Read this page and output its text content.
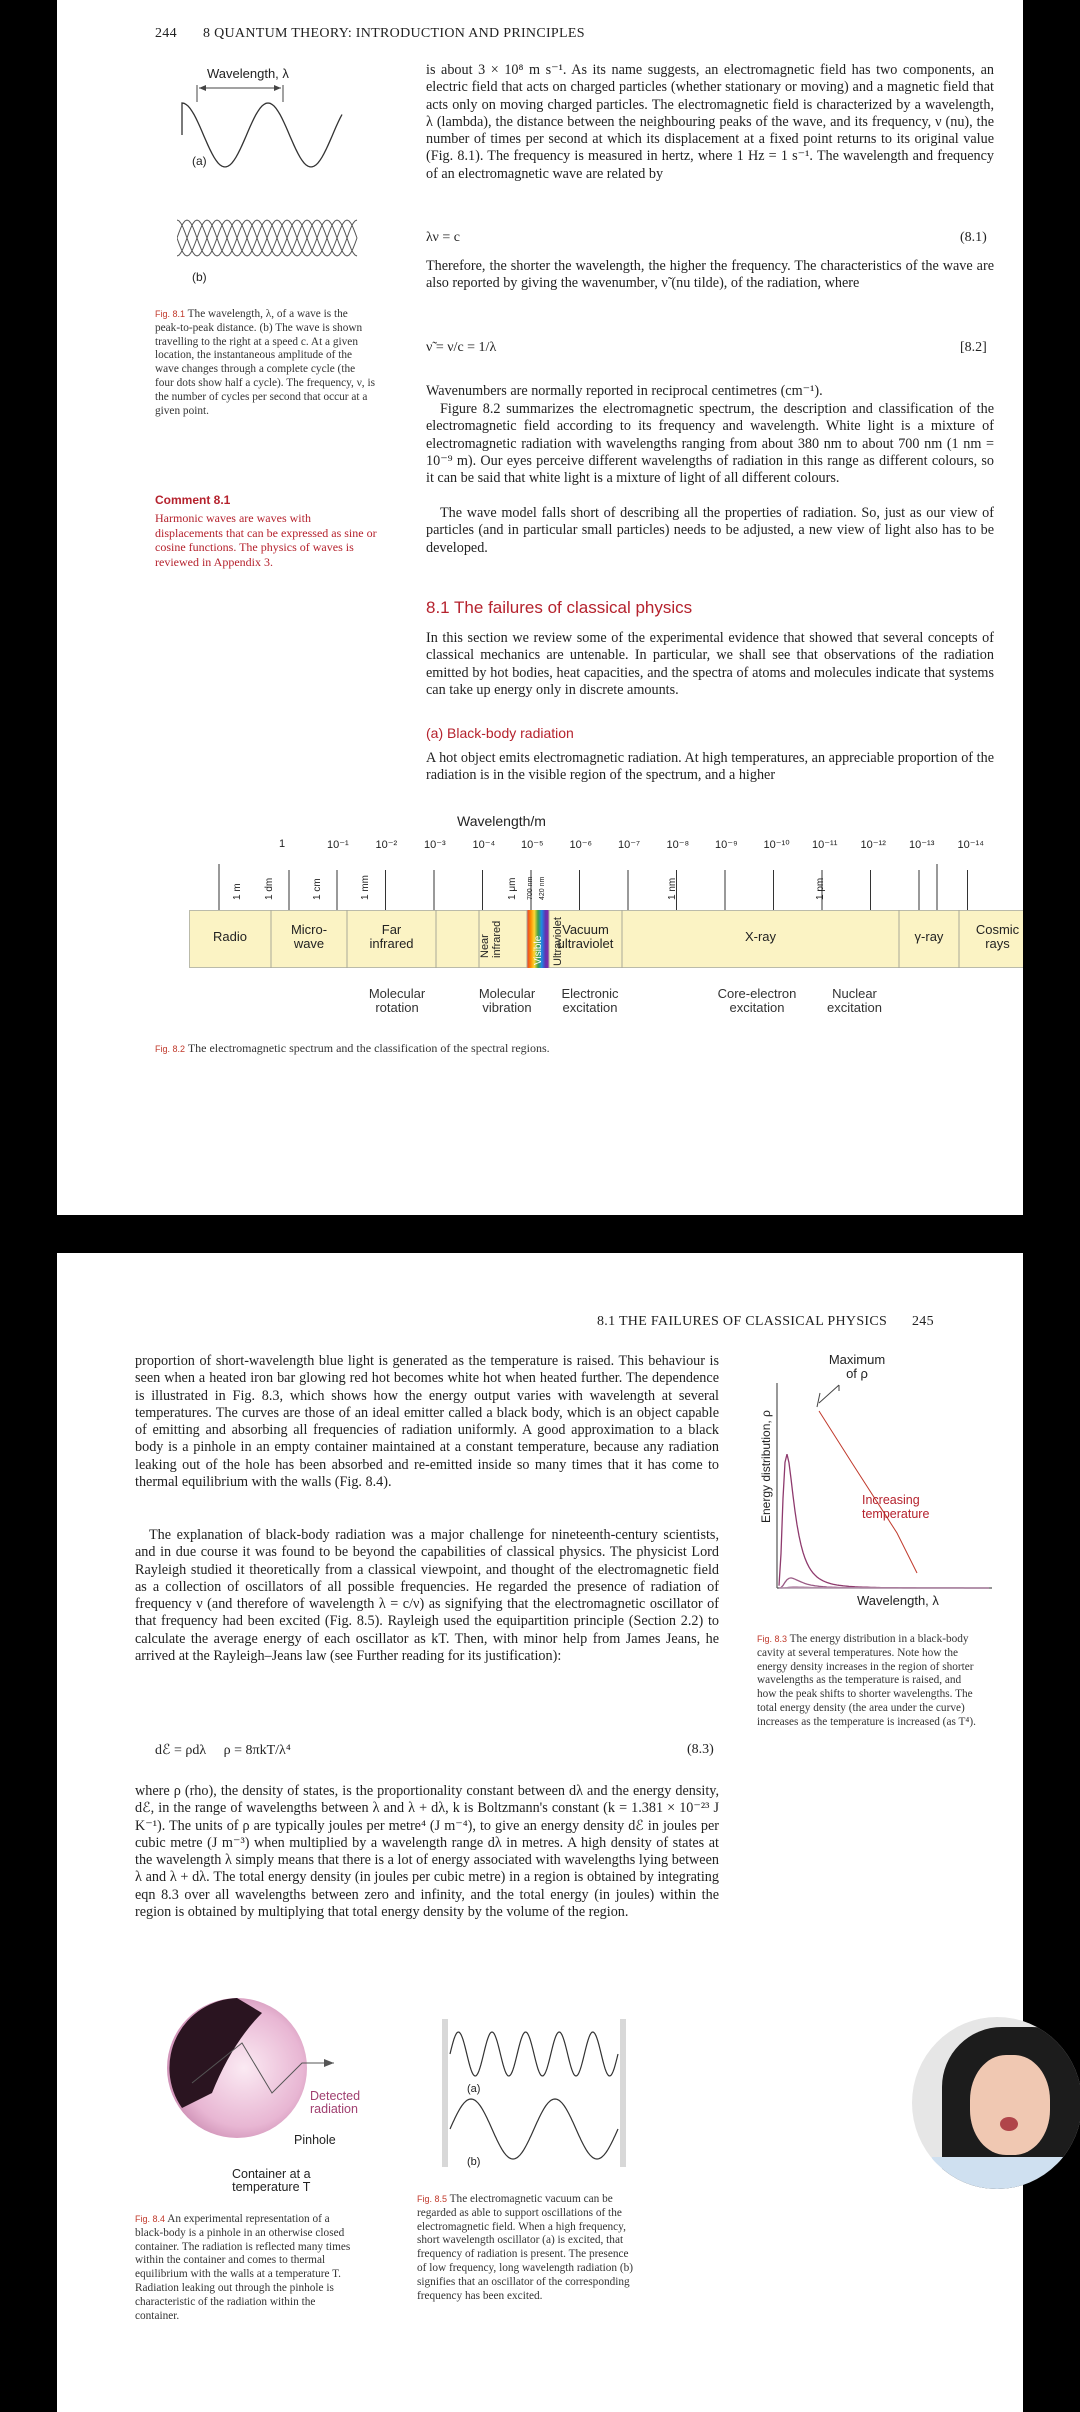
244 8 QUANTUM THEORY: INTRODUCTION AND PRINCIPLES
Wavelength, λ
(a)
(b)
Fig. 8.1 The wavelength, λ, of a wave is the peak-to-peak distance. (b) The wave is shown travelling to the right at a speed c. At a given location, the instantaneous amplitude of the wave changes through a complete cycle (the four dots show half a cycle). The frequency, ν, is the number of cycles per second that occur at a given point.
Comment 8.1
Harmonic waves are waves with displacements that can be expressed as sine or cosine functions. The physics of waves is reviewed in Appendix 3.
is about 3 × 10⁸ m s⁻¹. As its name suggests, an electromagnetic field has two components, an electric field that acts on charged particles (whether stationary or moving) and a magnetic field that acts only on moving charged particles. The electromagnetic field is characterized by a wavelength, λ (lambda), the distance between the neighbouring peaks of the wave, and its frequency, ν (nu), the number of times per second at which its displacement at a fixed point returns to its original value (Fig. 8.1). The frequency is measured in hertz, where 1 Hz = 1 s⁻¹. The wavelength and frequency of an electromagnetic wave are related by
λν = c	(8.1)
Therefore, the shorter the wavelength, the higher the frequency. The characteristics of the wave are also reported by giving the wavenumber, ν̃ (nu tilde), of the radiation, where
ν̃ = ν/c = 1/λ	[8.2]
Wavenumbers are normally reported in reciprocal centimetres (cm⁻¹).

Figure 8.2 summarizes the electromagnetic spectrum, the description and classification of the electromagnetic field according to its frequency and wavelength. White light is a mixture of electromagnetic radiation with wavelengths ranging from about 380 nm to about 700 nm (1 nm = 10⁻⁹ m). Our eyes perceive different wavelengths of radiation in this range as different colours, so it can be said that white light is a mixture of light of all different colours.

The wave model falls short of describing all the properties of radiation. So, just as our view of particles (and in particular small particles) needs to be adjusted, a new view of light also has to be developed.

8.1 The failures of classical physics
In this section we review some of the experimental evidence that showed that several concepts of classical mechanics are untenable. In particular, we shall see that observations of the radiation emitted by hot bodies, heat capacities, and the spectra of atoms and molecules indicate that systems can take up energy only in discrete amounts.
(a) Black-body radiation
A hot object emits electromagnetic radiation. At high temperatures, an appreciable proportion of the radiation is in the visible region of the spectrum, and a higher
Wavelength/m
1	10⁻¹ 10⁻² 10⁻³ 10⁻⁴ 10⁻⁵ 10⁻⁶ 10⁻⁷ 10⁻⁸ 10⁻⁹ 10⁻¹⁰ 10⁻¹¹ 10⁻¹² 10⁻¹³ 10⁻¹⁴
1 m 1 dm	1 cm	1 mm	1 μm 700 nm 420 nm	1 nm	1 pm
Radio	Micro-
wave
Far
infrared	Near
infrared	Visible Ultraviolet
Vacuum
ultraviolet	X-ray	γ-ray	Cosmic
rays
Molecular
rotation
Molecular
vibration
Electronic
excitation
Core-electron
excitation
Nuclear
excitation
Fig. 8.2 The electromagnetic spectrum and the classification of the spectral regions.
8.1 THE FAILURES OF CLASSICAL PHYSICS 245
proportion of short-wavelength blue light is generated as the temperature is raised. This behaviour is seen when a heated iron bar glowing red hot becomes white hot when heated further. The dependence is illustrated in Fig. 8.3, which shows how the energy output varies with wavelength at several temperatures. The curves are those of an ideal emitter called a black body, which is an object capable of emitting and absorbing all frequencies of radiation uniformly. A good approximation to a black body is a pinhole in an empty container maintained at a constant temperature, because any radiation leaking out of the hole has been absorbed and re-emitted inside so many times that it has come to thermal equilibrium with the walls (Fig. 8.4).

The explanation of black-body radiation was a major challenge for nineteenth-century scientists, and in due course it was found to be beyond the capabilities of classical physics. The physicist Lord Rayleigh studied it theoretically from a classical viewpoint, and thought of the electromagnetic field as a collection of oscillators of all possible frequencies. He regarded the presence of radiation of frequency ν (and therefore of wavelength λ = c/ν) as signifying that the electromagnetic oscillator of that frequency had been excited (Fig. 8.5). Rayleigh used the equipartition principle (Section 2.2) to calculate the average energy of each oscillator as kT. Then, with minor help from James Jeans, he arrived at the Rayleigh–Jeans law (see Further reading for its justification):

dℰ = ρdλ     ρ = 8πkT/λ⁴	(8.3)
where ρ (rho), the density of states, is the proportionality constant between dλ and the energy density, dℰ, in the range of wavelengths between λ and λ + dλ, k is Boltzmann's constant (k = 1.381 × 10⁻²³ J K⁻¹). The units of ρ are typically joules per metre⁴ (J m⁻⁴), to give an energy density dℰ in joules per cubic metre (J m⁻³) when multiplied by a wavelength range dλ in metres. A high density of states at the wavelength λ simply means that there is a lot of energy associated with wavelengths lying between λ and λ + dλ. The total energy density (in joules per cubic metre) in a region is obtained by integrating eqn 8.3 over all wavelengths between zero and infinity, and the total energy (in joules) within the region is obtained by multiplying that total energy density by the volume of the region.
Maximum
of ρ
Energy distribution, ρ	Increasing
temperature
Wavelength, λ
Fig. 8.3 The energy distribution in a black-body cavity at several temperatures. Note how the energy density increases in the region of shorter wavelengths as the temperature is raised, and how the peak shifts to shorter wavelengths. The total energy density (the area under the curve) increases as the temperature is increased (as T⁴).
Detected
radiation
Pinhole
Container at a
temperature T
Fig. 8.4 An experimental representation of a black-body is a pinhole in an otherwise closed container. The radiation is reflected many times within the container and comes to thermal equilibrium with the walls at a temperature T. Radiation leaking out through the pinhole is characteristic of the radiation within the container.
(a)
(b)
Fig. 8.5 The electromagnetic vacuum can be regarded as able to support oscillations of the electromagnetic field. When a high frequency, short wavelength oscillator (a) is excited, that frequency of radiation is present. The presence of low frequency, long wavelength radiation (b) signifies that an oscillator of the corresponding frequency has been excited.
